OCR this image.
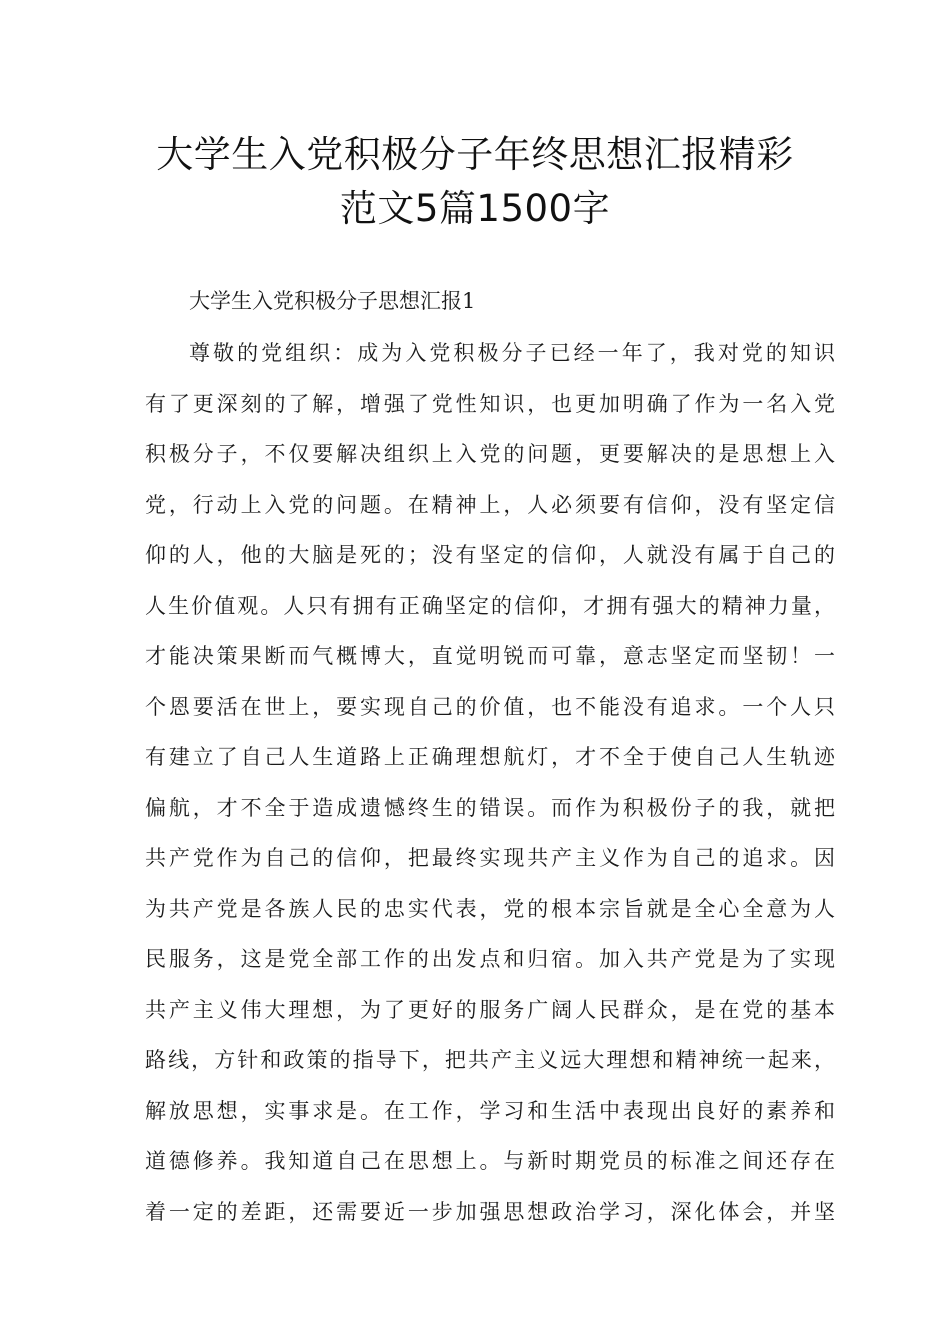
大学生入党积极分子年终思想汇报精彩
范文5篇1500字

大学生入党积极分子思想汇报1

尊敬的党组织：成为入党积极分子已经一年了，我对党的知识

有了更深刻的了解，增强了党性知识，也更加明确了作为一名入党

积极分子，不仅要解决组织上入党的问题，更要解决的是思想上入

党，行动上入党的问题。在精神上，人必须要有信仰，没有坚定信

仰的人，他的大脑是死的；没有坚定的信仰，人就没有属于自己的

人生价值观。人只有拥有正确坚定的信仰，才拥有强大的精神力量，

才能决策果断而气概博大，直觉明锐而可靠，意志坚定而坚韧！一

个恩要活在世上，要实现自己的价值，也不能没有追求。一个人只

有建立了自己人生道路上正确理想航灯，才不全于使自己人生轨迹

偏航，才不全于造成遗憾终生的错误。而作为积极份子的我，就把

共产党作为自己的信仰，把最终实现共产主义作为自己的追求。因

为共产党是各族人民的忠实代表，党的根本宗旨就是全心全意为人

民服务，这是党全部工作的出发点和归宿。加入共产党是为了实现

共产主义伟大理想，为了更好的服务广阔人民群众，是在党的基本

路线，方针和政策的指导下，把共产主义远大理想和精神统一起来，

解放思想，实事求是。在工作，学习和生活中表现出良好的素养和

道德修养。我知道自己在思想上。与新时期党员的标准之间还存在

着一定的差距，还需要近一步加强思想政治学习，深化体会，并坚
